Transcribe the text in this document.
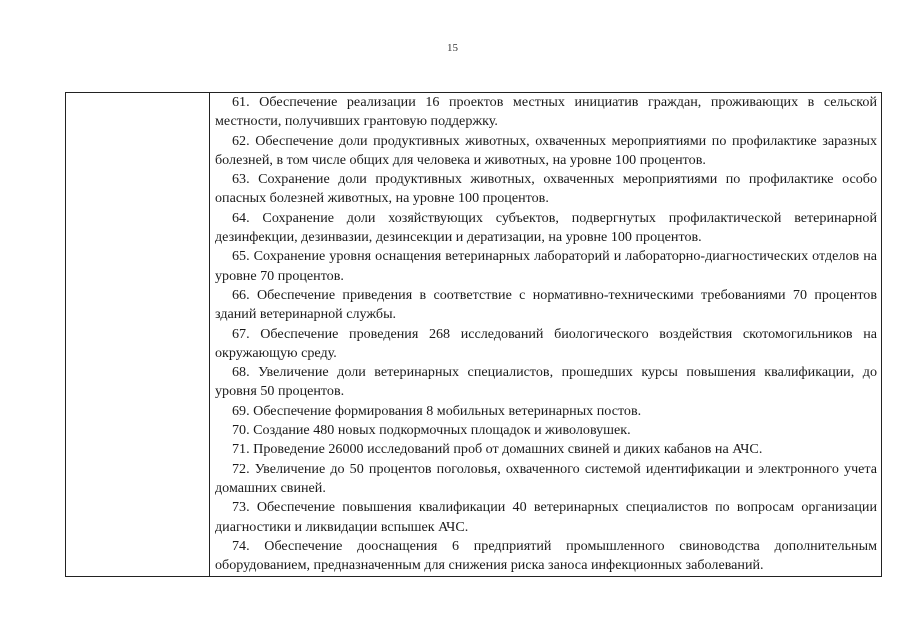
15

61. Обеспечение реализации 16 проектов местных инициатив граждан, проживающих в сельской местности, получивших грантовую поддержку.

62. Обеспечение доли продуктивных животных, охваченных мероприятиями по профилактике заразных болезней, в том числе общих для человека и животных, на уровне 100 процентов.

63. Сохранение доли продуктивных животных, охваченных мероприятиями по профилактике особо опасных болезней животных, на уровне 100 процентов.

64. Сохранение доли хозяйствующих субъектов, подвергнутых профилактической ветеринарной дезинфекции, дезинвазии, дезинсекции и дератизации, на уровне 100 процентов.

65. Сохранение уровня оснащения ветеринарных лабораторий и лабораторно-диагностических отделов на уровне 70 процентов.

66. Обеспечение приведения в соответствие с нормативно-техническими требованиями 70 процентов зданий ветеринарной службы.

67. Обеспечение проведения 268 исследований биологического воздействия скотомогильников на окружающую среду.

68. Увеличение доли ветеринарных специалистов, прошедших курсы повышения квалификации, до уровня 50 процентов.

69. Обеспечение формирования 8 мобильных ветеринарных постов.

70. Создание 480 новых подкормочных площадок и живоловушек.

71. Проведение 26000 исследований проб от домашних свиней и диких кабанов на АЧС.

72. Увеличение до 50 процентов поголовья, охваченного системой идентификации и электронного учета домашних свиней.

73. Обеспечение повышения квалификации 40 ветеринарных специалистов по вопросам организации диагностики и ликвидации вспышек АЧС.

74. Обеспечение дооснащения 6 предприятий промышленного свиноводства дополнительным оборудованием, предназначенным для снижения риска заноса инфекционных заболеваний.
